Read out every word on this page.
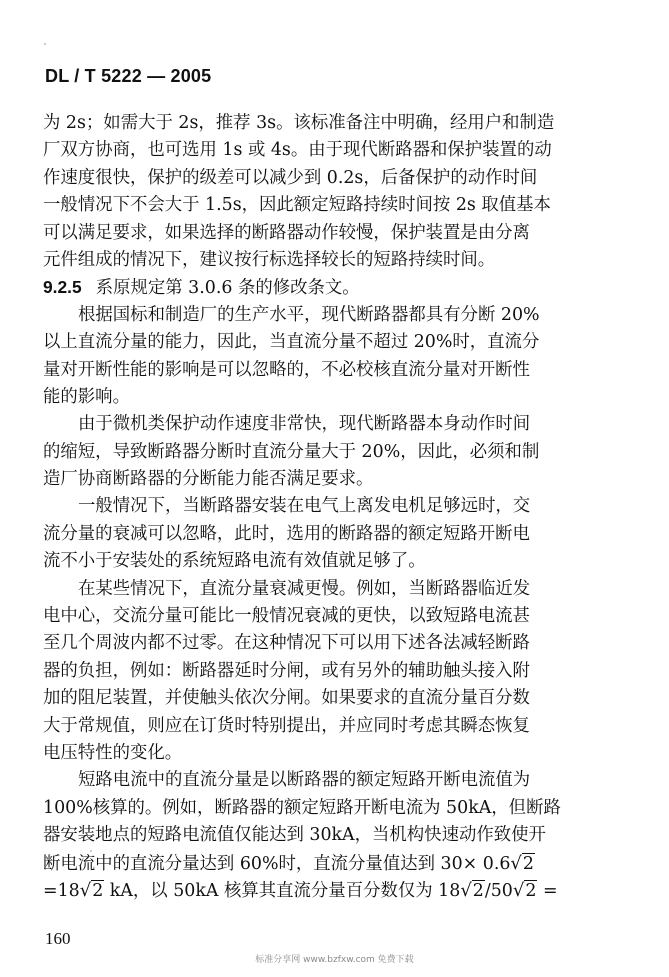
DL / T 5222 — 2005
为 2s；如需大于 2s，推荐 3s。该标准备注中明确，经用户和制造
厂双方协商，也可选用 1s 或 4s。由于现代断路器和保护装置的动
作速度很快，保护的级差可以减少到 0.2s，后备保护的动作时间
一般情况下不会大于 1.5s，因此额定短路持续时间按 2s 取值基本
可以满足要求，如果选择的断路器动作较慢，保护装置是由分离
元件组成的情况下，建议按行标选择较长的短路持续时间。
9.2.5 系原规定第 3.0.6 条的修改条文。
根据国标和制造厂的生产水平，现代断路器都具有分断 20%
以上直流分量的能力，因此，当直流分量不超过 20%时，直流分
量对开断性能的影响是可以忽略的，不必校核直流分量对开断性
能的影响。
由于微机类保护动作速度非常快，现代断路器本身动作时间
的缩短，导致断路器分断时直流分量大于 20%，因此，必须和制
造厂协商断路器的分断能力能否满足要求。
一般情况下，当断路器安装在电气上离发电机足够远时，交
流分量的衰减可以忽略，此时，选用的断路器的额定短路开断电
流不小于安装处的系统短路电流有效值就足够了。
在某些情况下，直流分量衰减更慢。例如，当断路器临近发
电中心，交流分量可能比一般情况衰减的更快，以致短路电流甚
至几个周波内都不过零。在这种情况下可以用下述各法减轻断路
器的负担，例如：断路器延时分闸，或有另外的辅助触头接入附
加的阻尼装置，并使触头依次分闸。如果要求的直流分量百分数
大于常规值，则应在订货时特别提出，并应同时考虑其瞬态恢复
电压特性的变化。
短路电流中的直流分量是以断路器的额定短路开断电流值为
100%核算的。例如，断路器的额定短路开断电流为 50kA，但断路
器安装地点的短路电流值仅能达到 30kA，当机构快速动作致使开
断电流中的直流分量达到 60%时，直流分量值达到 30× 0.6√2
=18√2 kA，以 50kA 核算其直流分量百分数仅为 18√2/50√2 =
160
标准分享网 www.bzfxw.com 免费下载
